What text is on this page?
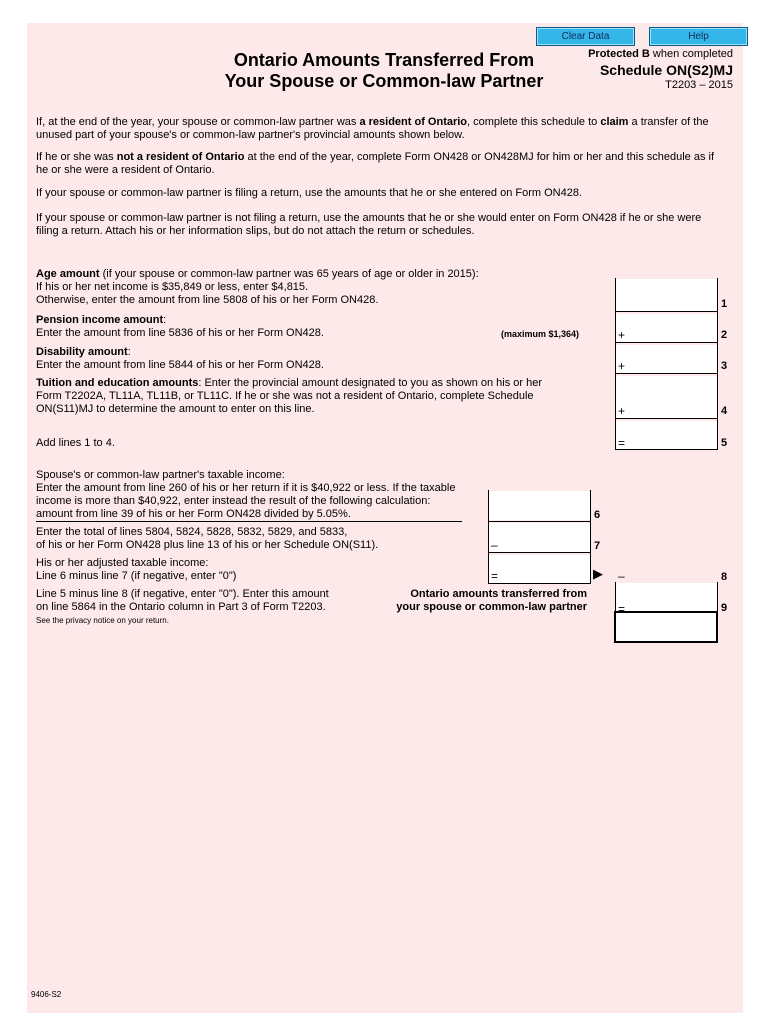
Clear Data	Help
Protected B when completed
Schedule ON(S2)MJ
T2203 – 2015
Ontario Amounts Transferred From
Your Spouse or Common-law Partner
If, at the end of the year, your spouse or common-law partner was a resident of Ontario, complete this schedule to claim a transfer of the unused part of your spouse's or common-law partner's provincial amounts shown below.
If he or she was not a resident of Ontario at the end of the year, complete Form ON428 or ON428MJ for him or her and this schedule as if he or she were a resident of Ontario.
If your spouse or common-law partner is filing a return, use the amounts that he or she entered on Form ON428.
If your spouse or common-law partner is not filing a return, use the amounts that he or she would enter on Form ON428 if he or she were filing a return. Attach his or her information slips, but do not attach the return or schedules.
Age amount (if your spouse or common-law partner was 65 years of age or older in 2015):
If his or her net income is $35,849 or less, enter $4,815.
Otherwise, enter the amount from line 5808 of his or her Form ON428.
Pension income amount:
Enter the amount from line 5836 of his or her Form ON428.	(maximum $1,364)
Disability amount:
Enter the amount from line 5844 of his or her Form ON428.
Tuition and education amounts: Enter the provincial amount designated to you as shown on his or her Form T2202A, TL11A, TL11B, or TL11C. If he or she was not a resident of Ontario, complete Schedule ON(S11)MJ to determine the amount to enter on this line.
Add lines 1 to 4.
+
+
+
=
1
2
3
4
5
Spouse's or common-law partner's taxable income:
Enter the amount from line 260 of his or her return if it is $40,922 or less. If the taxable income is more than $40,922, enter instead the result of the following calculation: amount from line 39 of his or her Form ON428 divided by 5.05%.
Enter the total of lines 5804, 5824, 5828, 5832, 5829, and 5833,
of his or her Form ON428 plus line 13 of his or her Schedule ON(S11).
His or her adjusted taxable income:
Line 6 minus line 7 (if negative, enter "0")
Line 5 minus line 8 (if negative, enter "0"). Enter this amount
on line 5864 in the Ontario column in Part 3 of Form T2203.
Ontario amounts transferred from
your spouse or common-law partner
See the privacy notice on your return.
–
=
6
7
▶ –
=
8
9
9406-S2
